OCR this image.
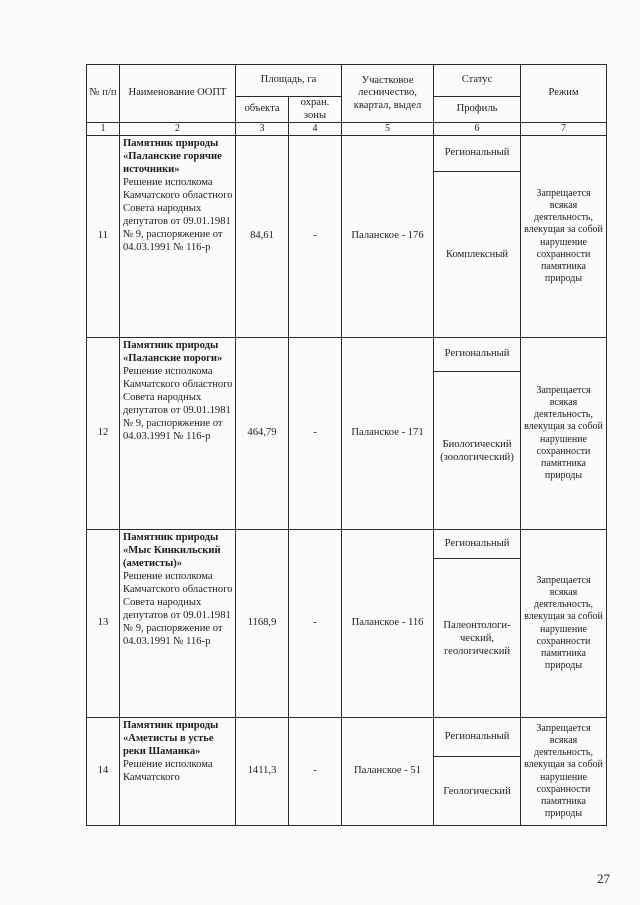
№ п/п	Наименование ООПТ	Площадь, га		Участковое лесничество, квартал, выдел	Статус	Режим
		объекта	охран. зоны		Профиль	
1	2	3	4	5	6	7
11	Памятник природы «Паланские горячие источники»
Решение исполкома Камчатского областного Совета народных депутатов от 09.01.1981 № 9, распоряжение от 04.03.1991 № 116-р	84,61	-	Паланское - 176	Региональный	Запрещается всякая деятельность, влекущая за собой нарушение сохранности памятника природы
					Комплексный	
12	Памятник природы «Паланские пороги»
Решение исполкома Камчатского областного Совета народных депутатов от 09.01.1981 № 9, распоряжение от 04.03.1991 № 116-р	464,79	-	Паланское - 171	Региональный	Запрещается всякая деятельность, влекущая за собой нарушение сохранности памятника природы
					Биологический (зоологический)	
13	Памятник природы «Мыс Кинкильский (аметисты)»
Решение исполкома Камчатского областного Совета народных депутатов от 09.01.1981 № 9, распоряжение от 04.03.1991 № 116-р	1168,9	-	Паланское - 116	Региональный	Запрещается всякая деятельность, влекущая за собой нарушение сохранности памятника природы
					Палеонтологи-ческий, геологический	
14	Памятник природы «Аметисты в устье реки Шаманка»
Решение исполкома Камчатского	1411,3	-	Паланское - 51	Региональный	Запрещается всякая деятельность, влекущая за собой нарушение сохранности памятника природы
					Геологический	
27
